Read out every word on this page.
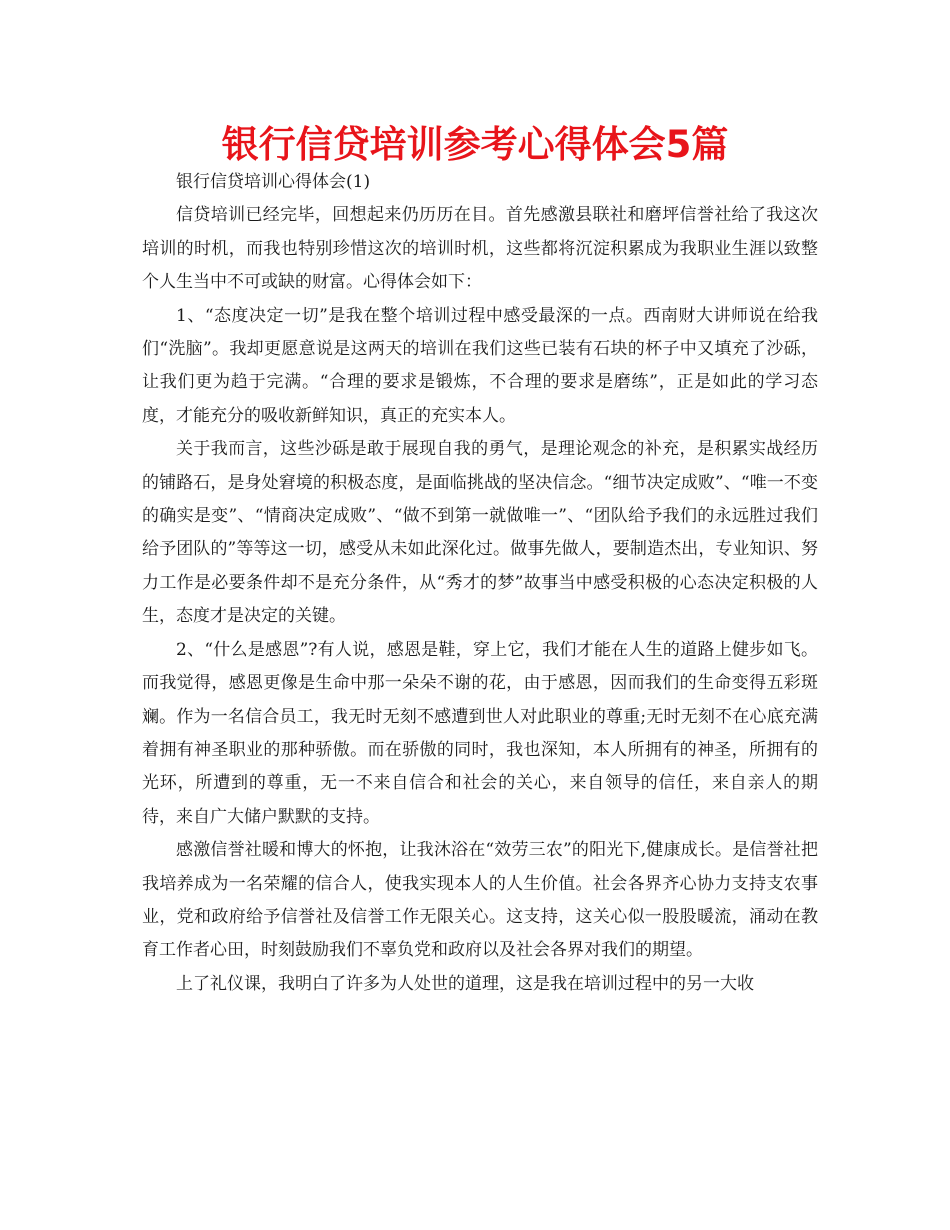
银行信贷培训参考心得体会5篇

银行信贷培训心得体会(1)

信贷培训已经完毕，回想起来仍历历在目。首先感激县联社和磨坪信誉社给了我这次培训的时机，而我也特别珍惜这次的培训时机，这些都将沉淀积累成为我职业生涯以致整个人生当中不可或缺的财富。心得体会如下：

1、“态度决定一切”是我在整个培训过程中感受最深的一点。西南财大讲师说在给我们“洗脑”。我却更愿意说是这两天的培训在我们这些已装有石块的杯子中又填充了沙砾，让我们更为趋于完满。“合理的要求是锻炼，不合理的要求是磨练”，正是如此的学习态度，才能充分的吸收新鲜知识，真正的充实本人。

关于我而言，这些沙砾是敢于展现自我的勇气，是理论观念的补充，是积累实战经历的铺路石，是身处窘境的积极态度，是面临挑战的坚决信念。“细节决定成败”、“唯一不变的确实是变”、“情商决定成败”、“做不到第一就做唯一”、“团队给予我们的永远胜过我们给予团队的”等等这一切，感受从未如此深化过。做事先做人，要制造杰出，专业知识、努力工作是必要条件却不是充分条件，从“秀才的梦”故事当中感受积极的心态决定积极的人生，态度才是决定的关键。

2、“什么是感恩”?有人说，感恩是鞋，穿上它，我们才能在人生的道路上健步如飞。而我觉得，感恩更像是生命中那一朵朵不谢的花，由于感恩，因而我们的生命变得五彩斑斓。作为一名信合员工，我无时无刻不感遭到世人对此职业的尊重;无时无刻不在心底充满着拥有神圣职业的那种骄傲。而在骄傲的同时，我也深知，本人所拥有的神圣，所拥有的光环，所遭到的尊重，无一不来自信合和社会的关心，来自领导的信任，来自亲人的期待，来自广大储户默默的支持。

感激信誉社暖和博大的怀抱，让我沐浴在“效劳三农”的阳光下,健康成长。是信誉社把我培养成为一名荣耀的信合人，使我实现本人的人生价值。社会各界齐心协力支持支农事业，党和政府给予信誉社及信誉工作无限关心。这支持，这关心似一股股暖流，涌动在教育工作者心田，时刻鼓励我们不辜负党和政府以及社会各界对我们的期望。

上了礼仪课，我明白了许多为人处世的道理，这是我在培训过程中的另一大收
